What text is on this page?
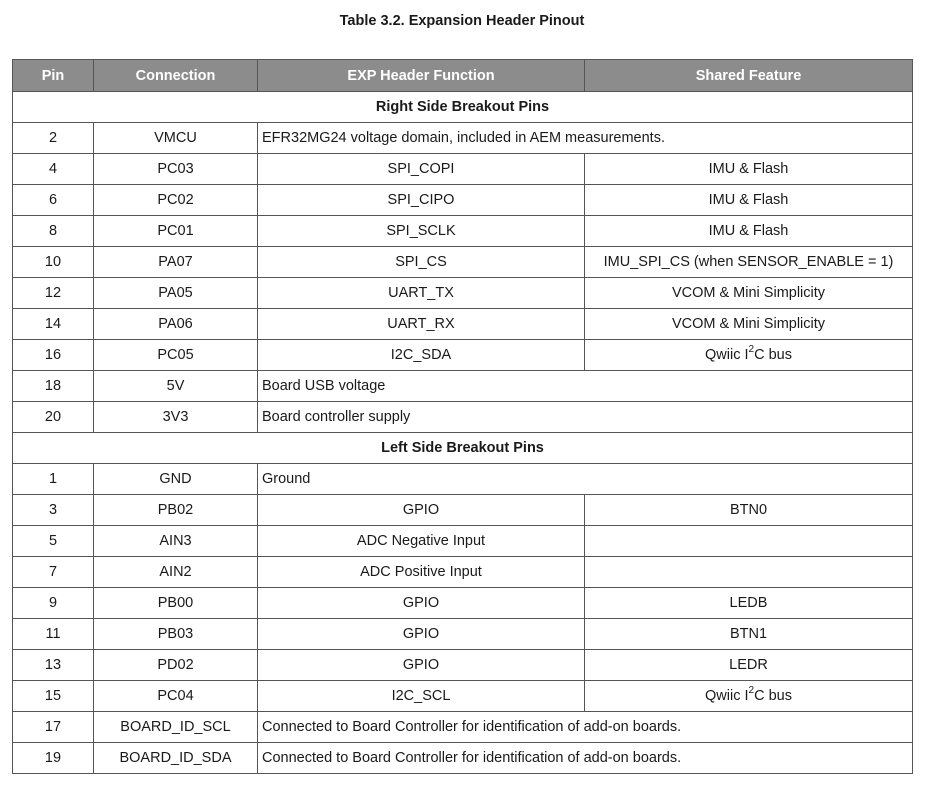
Table 3.2. Expansion Header Pinout
Pin	Connection	EXP Header Function	Shared Feature
Right Side Breakout Pins			
2	VMCU	EFR32MG24 voltage domain, included in AEM measurements.	
4	PC03	SPI_COPI	IMU & Flash
6	PC02	SPI_CIPO	IMU & Flash
8	PC01	SPI_SCLK	IMU & Flash
10	PA07	SPI_CS	IMU_SPI_CS (when SENSOR_ENABLE = 1)
12	PA05	UART_TX	VCOM & Mini Simplicity
14	PA06	UART_RX	VCOM & Mini Simplicity
16	PC05	I2C_SDA	Qwiic $I^2C$ bus
18	5V	Board USB voltage	
20	3V3	Board controller supply	
Left Side Breakout Pins			
1	GND	Ground	
3	PB02	GPIO	BTN0
5	AIN3	ADC Negative Input	
7	AIN2	ADC Positive Input	
9	PB00	GPIO	LEDB
11	PB03	GPIO	BTN1
13	PD02	GPIO	LEDR
15	PC04	I2C_SCL	Qwiic $I^2C$ bus
17	BOARD_ID_SCL	Connected to Board Controller for identification of add-on boards.	
19	BOARD_ID_SDA	Connected to Board Controller for identification of add-on boards.	
